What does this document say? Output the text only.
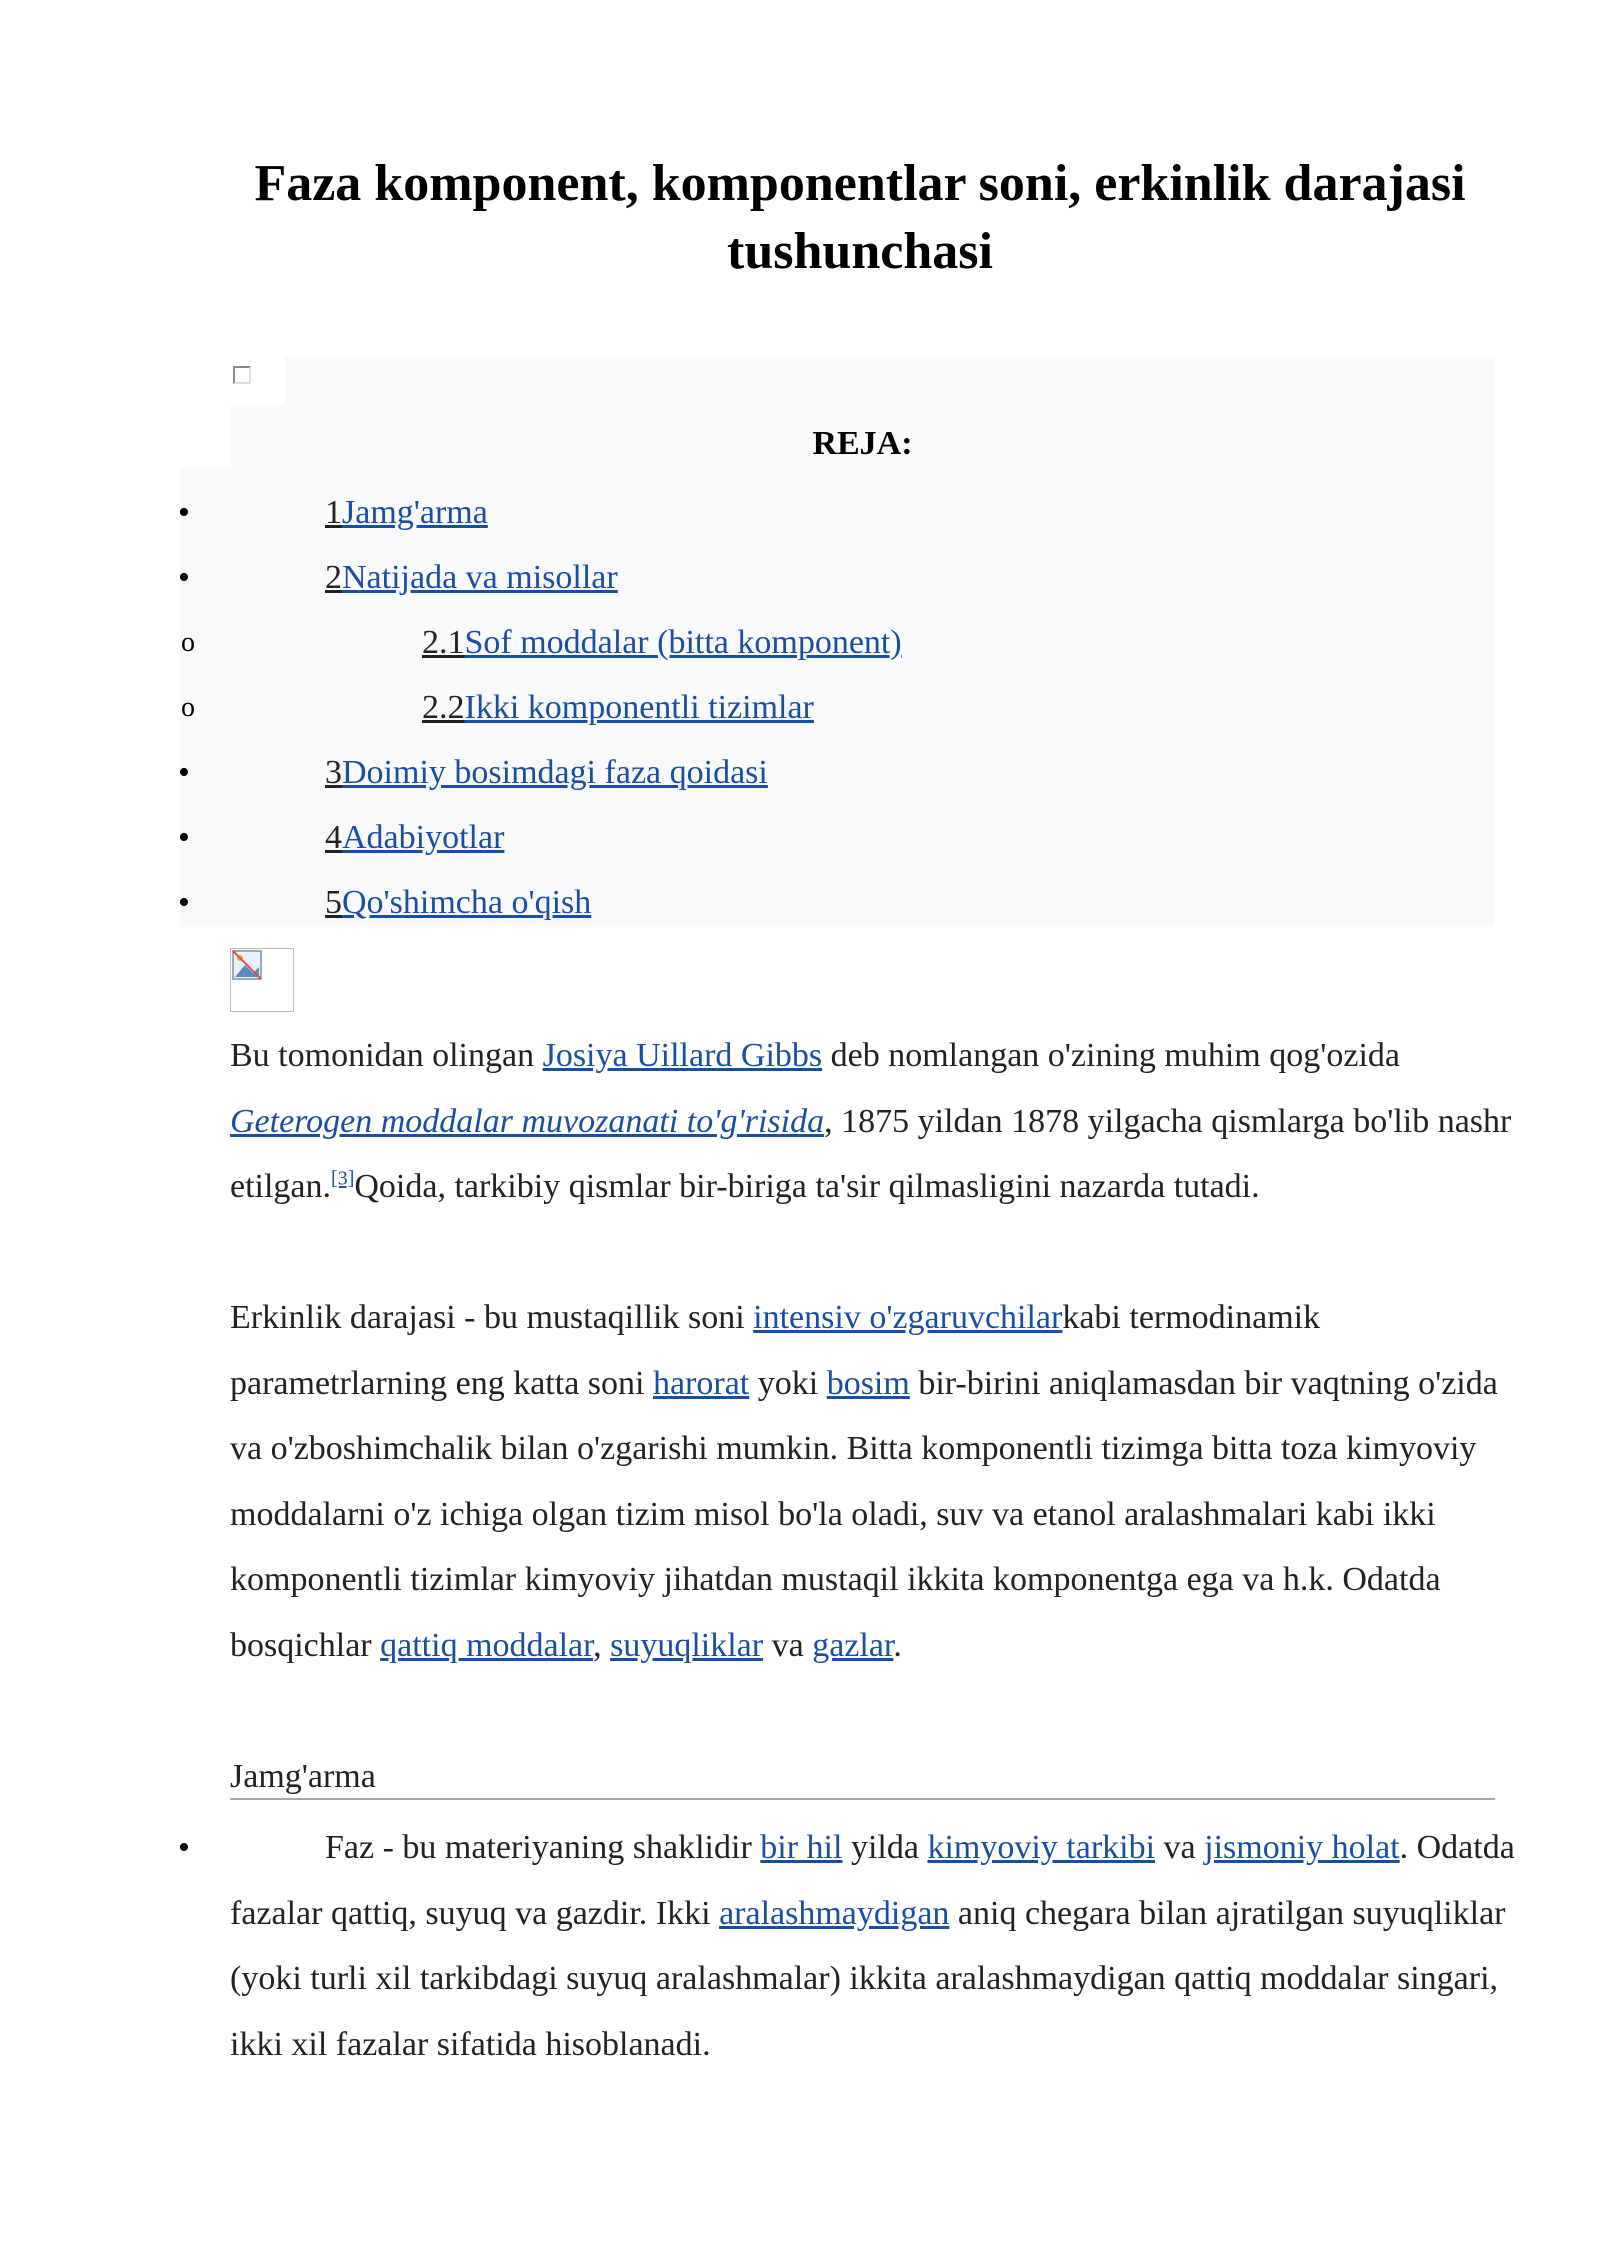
Faza komponent, komponentlar soni, erkinlik darajasi tushunchasi
REJA:
•	1Jamg'arma
•	2Natijada va misollar
o	2.1Sof moddalar (bitta komponent)
o	2.2Ikki komponentli tizimlar
•	3Doimiy bosimdagi faza qoidasi
•	4Adabiyotlar
•	5Qo'shimcha o'qish

Bu tomonidan olingan Josiya Uillard Gibbs deb nomlangan o'zining muhim qog'ozida Geterogen moddalar muvozanati to'g'risida, 1875 yildan 1878 yilgacha qismlarga bo'lib nashr etilgan.[3]Qoida, tarkibiy qismlar bir-biriga ta'sir qilmasligini nazarda tutadi.

Erkinlik darajasi - bu mustaqillik soni intensiv o'zgaruvchilarkabi termodinamik parametrlarning eng katta soni harorat yoki bosim bir-birini aniqlamasdan bir vaqtning o'zida va o'zboshimchalik bilan o'zgarishi mumkin. Bitta komponentli tizimga bitta toza kimyoviy moddalarni o'z ichiga olgan tizim misol bo'la oladi, suv va etanol aralashmalari kabi ikki komponentli tizimlar kimyoviy jihatdan mustaqil ikkita komponentga ega va h.k. Odatda bosqichlar qattiq moddalar, suyuqliklar va gazlar.

Jamg'arma
•	Faz - bu materiyaning shaklidir bir hil yilda kimyoviy tarkibi va jismoniy holat. Odatda fazalar qattiq, suyuq va gazdir. Ikki aralashmaydigan aniq chegara bilan ajratilgan suyuqliklar (yoki turli xil tarkibdagi suyuq aralashmalar) ikkita aralashmaydigan qattiq moddalar singari, ikki xil fazalar sifatida hisoblanadi.
